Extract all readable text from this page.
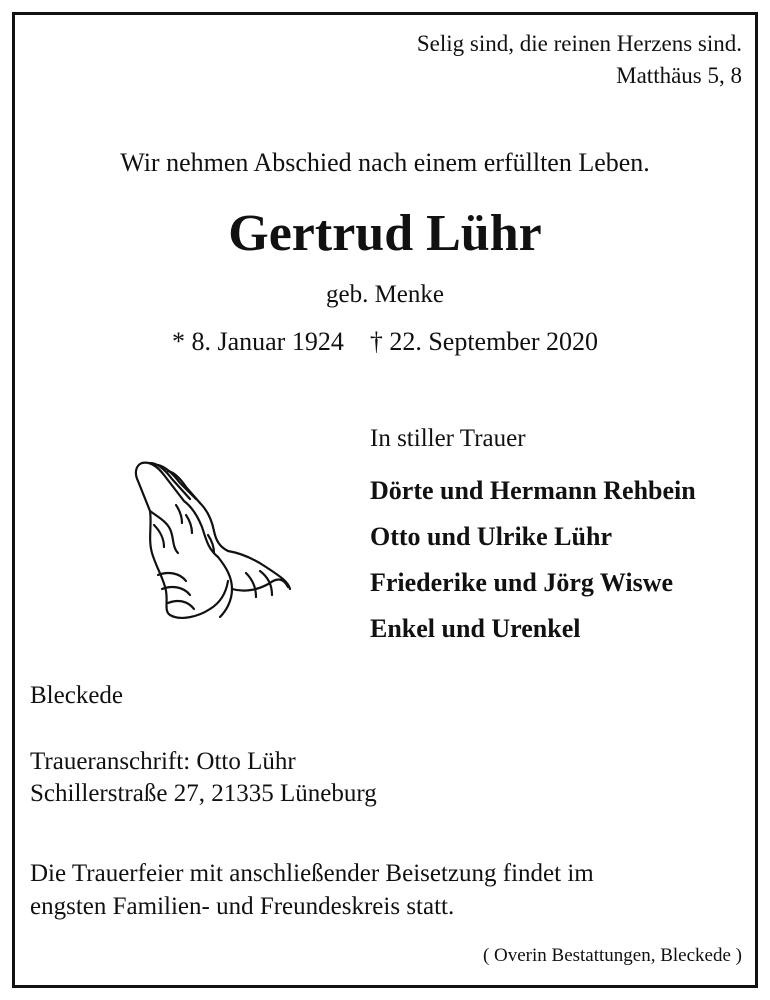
Selig sind, die reinen Herzens sind.
Matthäus 5, 8

Wir nehmen Abschied nach einem erfüllten Leben.

Gertrud Lühr

geb. Menke

* 8. Januar 1924 † 22. September 2020

In stiller Trauer
Dörte und Hermann Rehbein
Otto und Ulrike Lühr
Friederike und Jörg Wiswe
Enkel und Urenkel

Bleckede

Traueranschrift: Otto Lühr
Schillerstraße 27, 21335 Lüneburg

Die Trauerfeier mit anschließender Beisetzung findet im
engsten Familien- und Freundeskreis statt.

( Overin Bestattungen, Bleckede )
